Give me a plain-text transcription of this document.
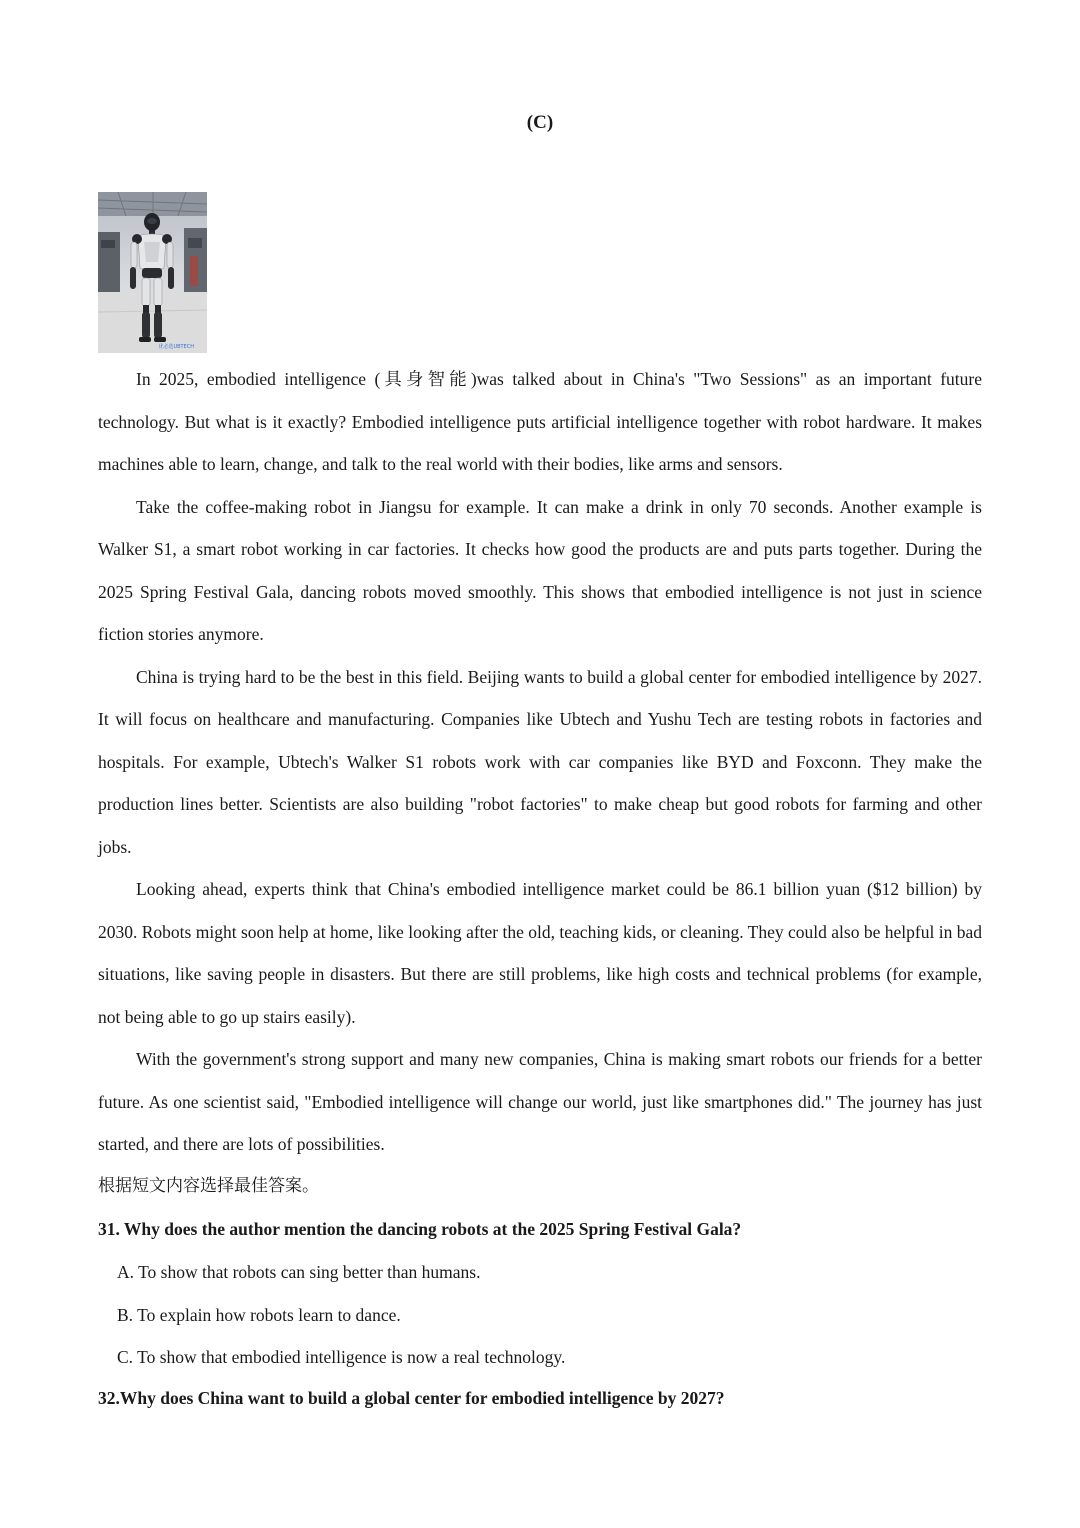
(C)
优必选UBTECH

In 2025, embodied intelligence (具身智能)was talked about in China's "Two Sessions" as an important future technology. But what is it exactly? Embodied intelligence puts artificial intelligence together with robot hardware. It makes machines able to learn, change, and talk to the real world with their bodies, like arms and sensors.

Take the coffee-making robot in Jiangsu for example. It can make a drink in only 70 seconds. Another example is Walker S1, a smart robot working in car factories. It checks how good the products are and puts parts together. During the 2025 Spring Festival Gala, dancing robots moved smoothly. This shows that embodied intelligence is not just in science fiction stories anymore.

China is trying hard to be the best in this field. Beijing wants to build a global center for embodied intelligence by 2027. It will focus on healthcare and manufacturing. Companies like Ubtech and Yushu Tech are testing robots in factories and hospitals. For example, Ubtech's Walker S1 robots work with car companies like BYD and Foxconn. They make the production lines better. Scientists are also building "robot factories" to make cheap but good robots for farming and other jobs.

Looking ahead, experts think that China's embodied intelligence market could be 86.1 billion yuan ($12 billion) by 2030. Robots might soon help at home, like looking after the old, teaching kids, or cleaning. They could also be helpful in bad situations, like saving people in disasters. But there are still problems, like high costs and technical problems (for example, not being able to go up stairs easily).

With the government's strong support and many new companies, China is making smart robots our friends for a better future. As one scientist said, "Embodied intelligence will change our world, just like smartphones did." The journey has just started, and there are lots of possibilities.

根据短文内容选择最佳答案。
31. Why does the author mention the dancing robots at the 2025 Spring Festival Gala?
A. To show that robots can sing better than humans.
B. To explain how robots learn to dance.
C. To show that embodied intelligence is now a real technology.
32.Why does China want to build a global center for embodied intelligence by 2027?
